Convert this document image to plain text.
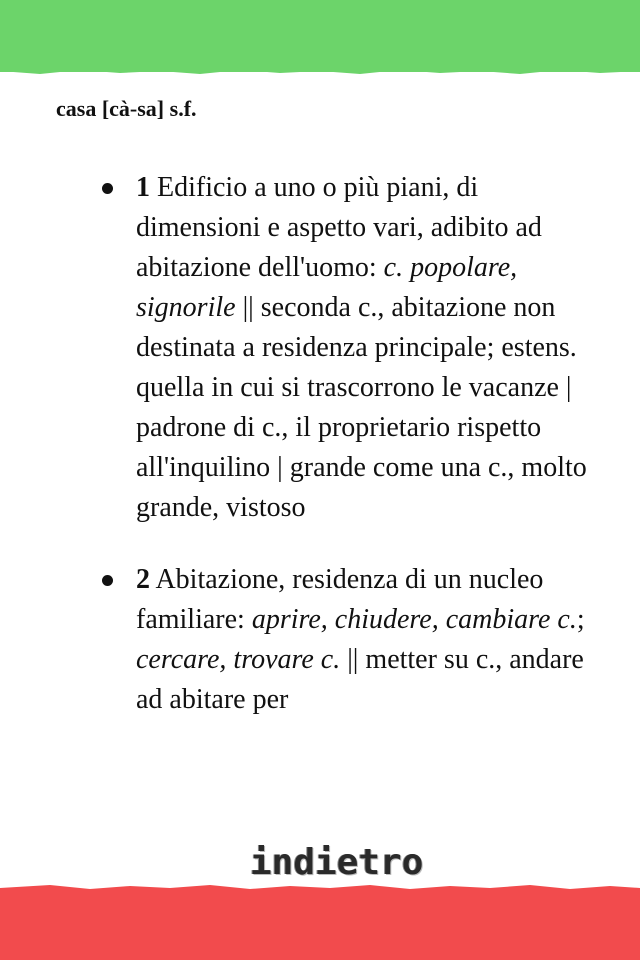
casa [cà-sa] s.f.
1 Edificio a uno o più piani, di dimensioni e aspetto vari, adibito ad abitazione dell'uomo: c. popolare, signorile || seconda c., abitazione non destinata a residenza principale; estens. quella in cui si trascorrono le vacanze | padrone di c., il proprietario rispetto all'inquilino | grande come una c., molto grande, vistoso
2 Abitazione, residenza di un nucleo familiare: aprire, chiudere, cambiare c.; cercare, trovare c. || metter su c., andare ad abitare per
indietro
